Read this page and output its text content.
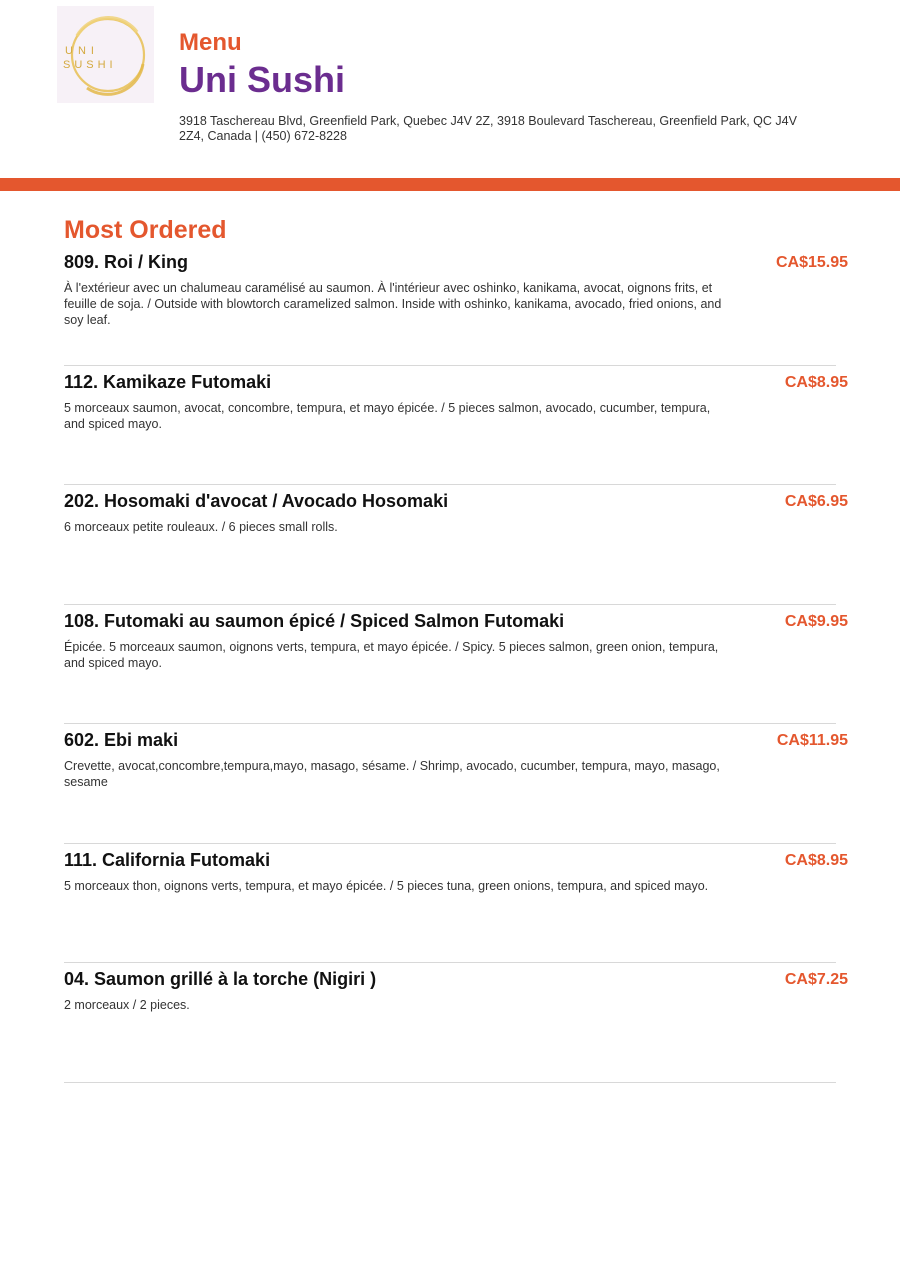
UNI
SUSHI
Menu
Uni Sushi
3918 Taschereau Blvd, Greenfield Park, Quebec J4V 2Z, 3918 Boulevard Taschereau, Greenfield Park, QC J4V 2Z4, Canada | (450) 672-8228
Most Ordered
809. Roi / King	CA$15.95
À l'extérieur avec un chalumeau caramélisé au saumon. À l'intérieur avec oshinko, kanikama, avocat, oignons frits, et feuille de soja. / Outside with blowtorch caramelized salmon. Inside with oshinko, kanikama, avocado, fried onions, and soy leaf.
112. Kamikaze Futomaki	CA$8.95
5 morceaux saumon, avocat, concombre, tempura, et mayo épicée. / 5 pieces salmon, avocado, cucumber, tempura, and spiced mayo.
202. Hosomaki d'avocat / Avocado Hosomaki	CA$6.95
6 morceaux petite rouleaux. / 6 pieces small rolls.
108. Futomaki au saumon épicé / Spiced Salmon Futomaki	CA$9.95
Épicée. 5 morceaux saumon, oignons verts, tempura, et mayo épicée. / Spicy. 5 pieces salmon, green onion, tempura, and spiced mayo.
602. Ebi maki	CA$11.95
Crevette, avocat,concombre,tempura,mayo, masago, sésame. / Shrimp, avocado, cucumber, tempura, mayo, masago, sesame
111. California Futomaki	CA$8.95
5 morceaux thon, oignons verts, tempura, et mayo épicée. / 5 pieces tuna, green onions, tempura, and spiced mayo.
04. Saumon grillé à la torche (Nigiri )	CA$7.25
2 morceaux / 2 pieces.
